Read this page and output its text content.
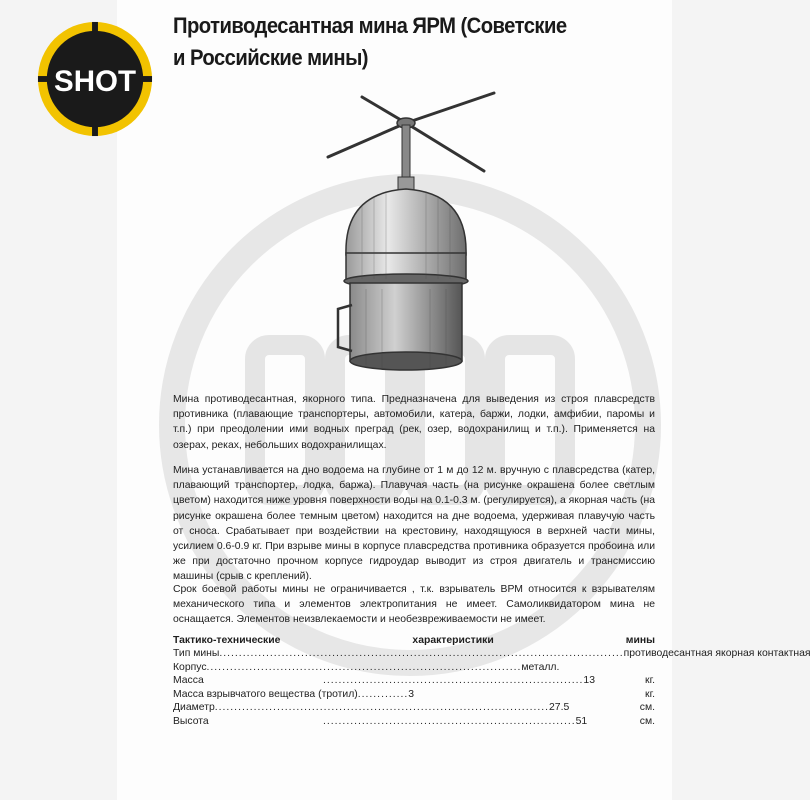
SHOT
Противодесантная мина ЯРМ (Советские
и Российские мины)
Мина противодесантная, якорного типа. Предназначена для выведения из строя плавсредств противника (плавающие транспортеры, автомобили, катера, баржи, лодки, амфибии, паромы и т.п.) при преодолении ими водных преград (рек, озер, водохранилищ и т.п.). Применяется на озерах, реках, небольших водохранилищах.
Мина устанавливается на дно водоема на глубине от 1 м до 12 м. вручную с плавсредства (катер, плавающий транспортер, лодка, баржа). Плавучая часть (на рисунке окрашена более светлым цветом) находится ниже уровня поверхности воды на 0.1-0.3 м. (регулируется), а якорная часть (на рисунке окрашена более темным цветом) находится на дне водоема, удерживая плавучую часть от сноса. Срабатывает при воздействии на крестовину, находящуюся в верхней части мины, усилием 0.6-0.9 кг. При взрыве мины в корпусе плавсредства противника образуется пробоина или же при достаточно прочном корпусе гидроудар выводит из строя двигатель и трансмиссию машины (срыв с креплений).
Срок боевой работы мины не ограничивается , т.к. взрыватель ВРМ относится к взрывателям механического типа и элементов электропитания не имеет. Самоликвидатором мина не оснащается. Элементов неизвлекаемости и необезвреживаемости не имеет.
Тактико-технические	характеристики	мины
Тип мины ........................................................................................................ противодесантная якорная контактная
Корпус ................................................................................. металл.
Масса	................................................................... 13	кг.
Масса взрывчатого вещества (тротил) ............. 3	кг.
Диаметр ...................................................................................... 27.5	см.
Высота	................................................................. 51	см.
